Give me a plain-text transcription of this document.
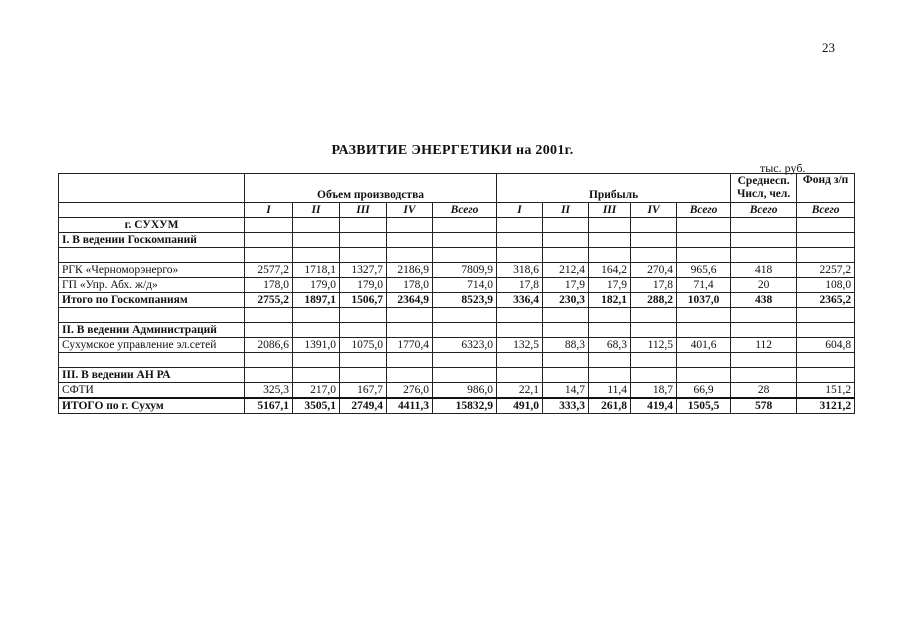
23
РАЗВИТИЕ ЭНЕРГЕТИКИ на 2001г.
тыс. руб.
	Объем производства					Прибыль					Среднесп. Числ, чел.	Фонд з/п
	I	II	III	IV	Всего	I	II	III	IV	Всего	Всего	Всего
г. СУХУМ												
I. В ведении Госкомпаний												

РГК «Черноморэнерго»	2577,2	1718,1	1327,7	2186,9	7809,9	318,6	212,4	164,2	270,4	965,6	418	2257,2
ГП «Упр. Абх. ж/д»	178,0	179,0	179,0	178,0	714,0	17,8	17,9	17,9	17,8	71,4	20	108,0
Итого по Госкомпаниям	2755,2	1897,1	1506,7	2364,9	8523,9	336,4	230,3	182,1	288,2	1037,0	438	2365,2

II. В ведении Администраций												
Сухумское управление эл.сетей	2086,6	1391,0	1075,0	1770,4	6323,0	132,5	88,3	68,3	112,5	401,6	112	604,8

III. В ведении АН РА												
СФТИ	325,3	217,0	167,7	276,0	986,0	22,1	14,7	11,4	18,7	66,9	28	151,2
ИТОГО по г. Сухум	5167,1	3505,1	2749,4	4411,3	15832,9	491,0	333,3	261,8	419,4	1505,5	578	3121,2
